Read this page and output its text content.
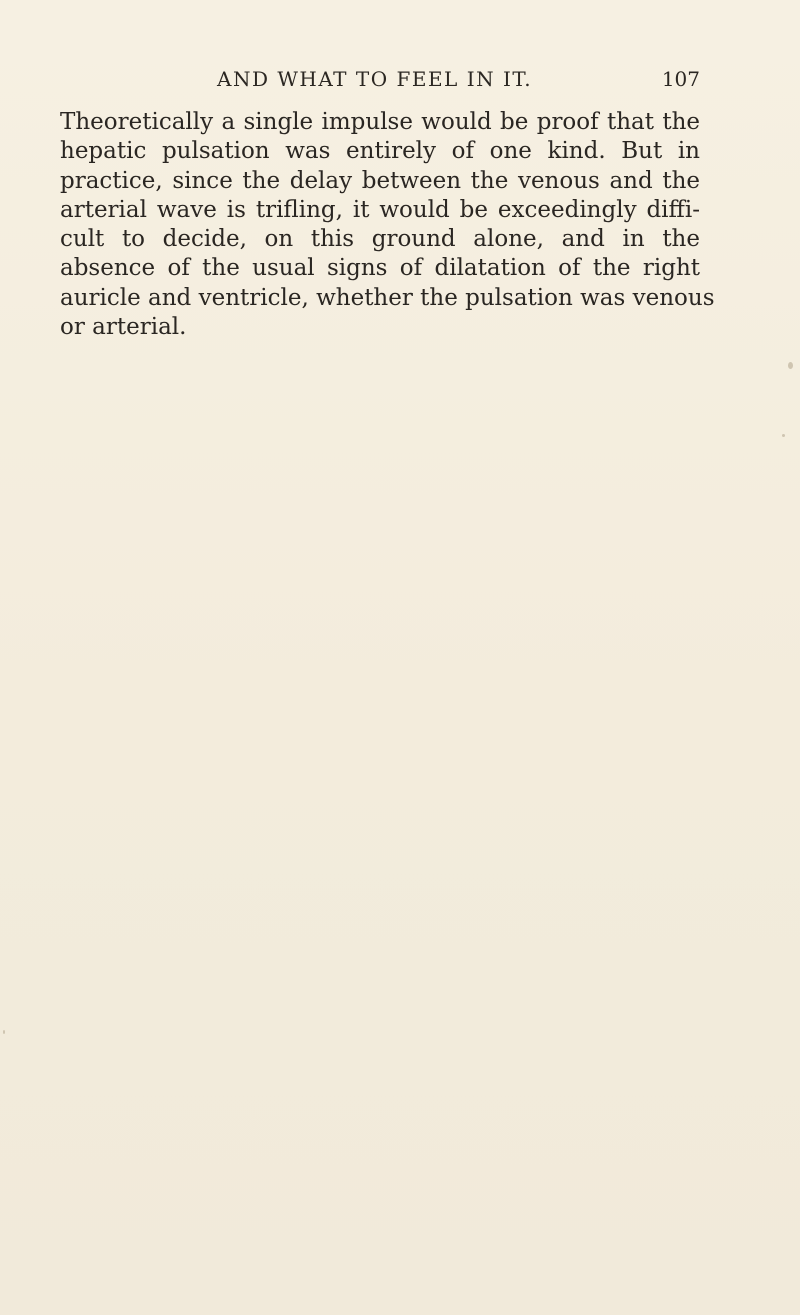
AND WHAT TO FEEL IN IT.	107

Theoretically a single impulse would be proof that the
hepatic pulsation was entirely of one kind. But in
practice, since the delay between the venous and the
arterial wave is trifling, it would be exceedingly diffi-
cult to decide, on this ground alone, and in the
absence of the usual signs of dilatation of the right
auricle and ventricle, whether the pulsation was venous
or arterial.
